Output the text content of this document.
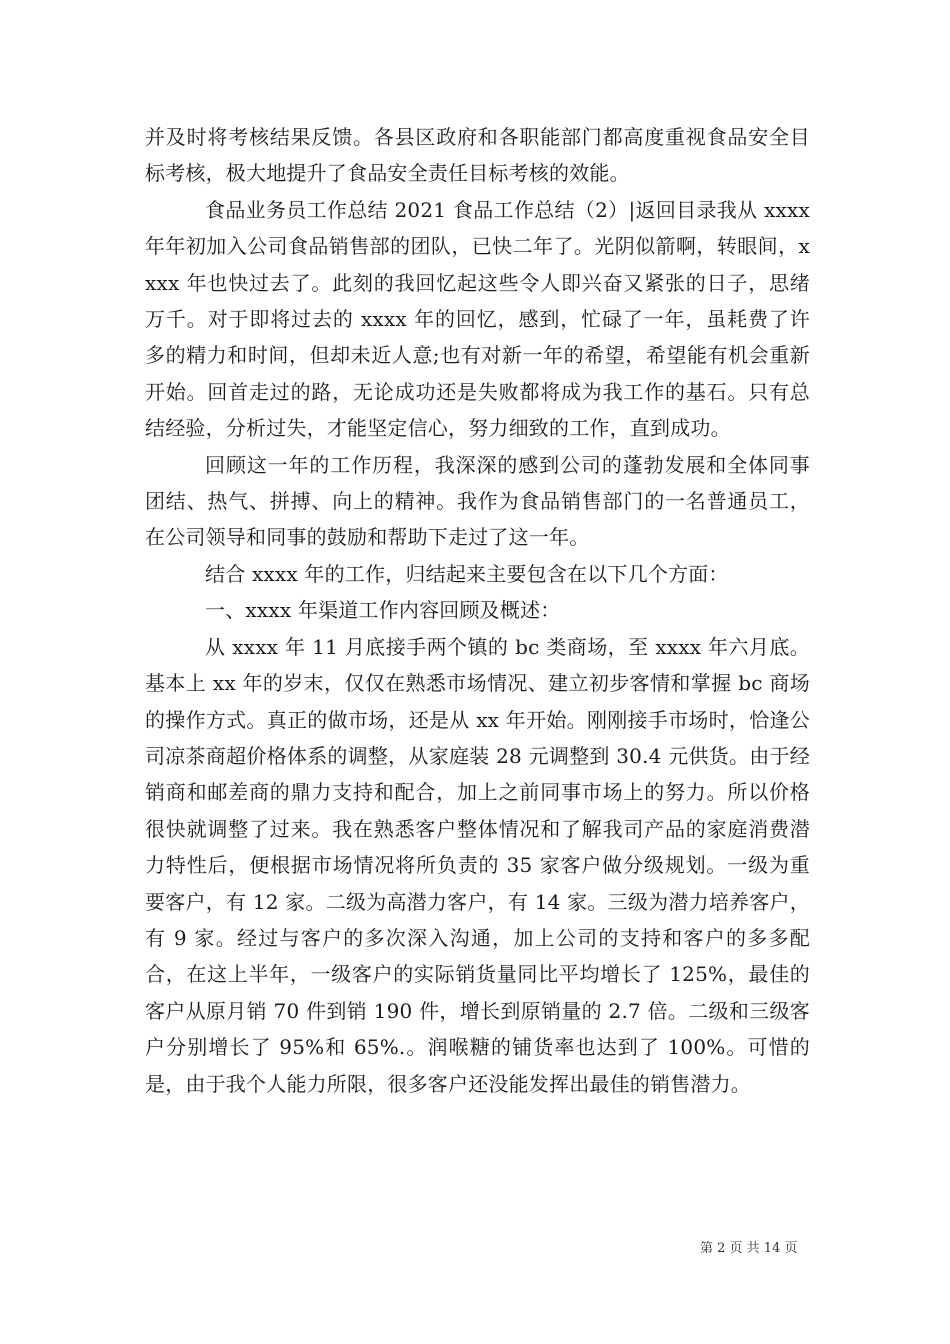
并及时将考核结果反馈。各县区政府和各职能部门都高度重视食品安全目标考核，极大地提升了食品安全责任目标考核的效能。

食品业务员工作总结 2021 食品工作总结（2）|返回目录我从 xxxx 年年初加入公司食品销售部的团队，已快二年了。光阴似箭啊，转眼间，xxxx 年也快过去了。此刻的我回忆起这些令人即兴奋又紧张的日子，思绪万千。对于即将过去的 xxxx 年的回忆，感到，忙碌了一年，虽耗费了许多的精力和时间，但却未近人意;也有对新一年的希望，希望能有机会重新开始。回首走过的路，无论成功还是失败都将成为我工作的基石。只有总结经验，分析过失，才能坚定信心，努力细致的工作，直到成功。

回顾这一年的工作历程，我深深的感到公司的蓬勃发展和全体同事团结、热气、拼搏、向上的精神。我作为食品销售部门的一名普通员工，在公司领导和同事的鼓励和帮助下走过了这一年。

结合 xxxx 年的工作，归结起来主要包含在以下几个方面：

一、xxxx 年渠道工作内容回顾及概述：

从 xxxx 年 11 月底接手两个镇的 bc 类商场，至 xxxx 年六月底。基本上 xx 年的岁末，仅仅在熟悉市场情况、建立初步客情和掌握 bc 商场的操作方式。真正的做市场，还是从 xx 年开始。刚刚接手市场时，恰逢公司凉茶商超价格体系的调整，从家庭装 28 元调整到 30.4 元供货。由于经销商和邮差商的鼎力支持和配合，加上之前同事市场上的努力。所以价格很快就调整了过来。我在熟悉客户整体情况和了解我司产品的家庭消费潜力特性后，便根据市场情况将所负责的 35 家客户做分级规划。一级为重要客户，有 12 家。二级为高潜力客户，有 14 家。三级为潜力培养客户，有 9 家。经过与客户的多次深入沟通，加上公司的支持和客户的多多配合，在这上半年，一级客户的实际销货量同比平均增长了 125%，最佳的客户从原月销 70 件到销 190 件，增长到原销量的 2.7 倍。二级和三级客户分别增长了 95%和 65%.。润喉糖的铺货率也达到了 100%。可惜的是，由于我个人能力所限，很多客户还没能发挥出最佳的销售潜力。

第 2 页 共 14 页
